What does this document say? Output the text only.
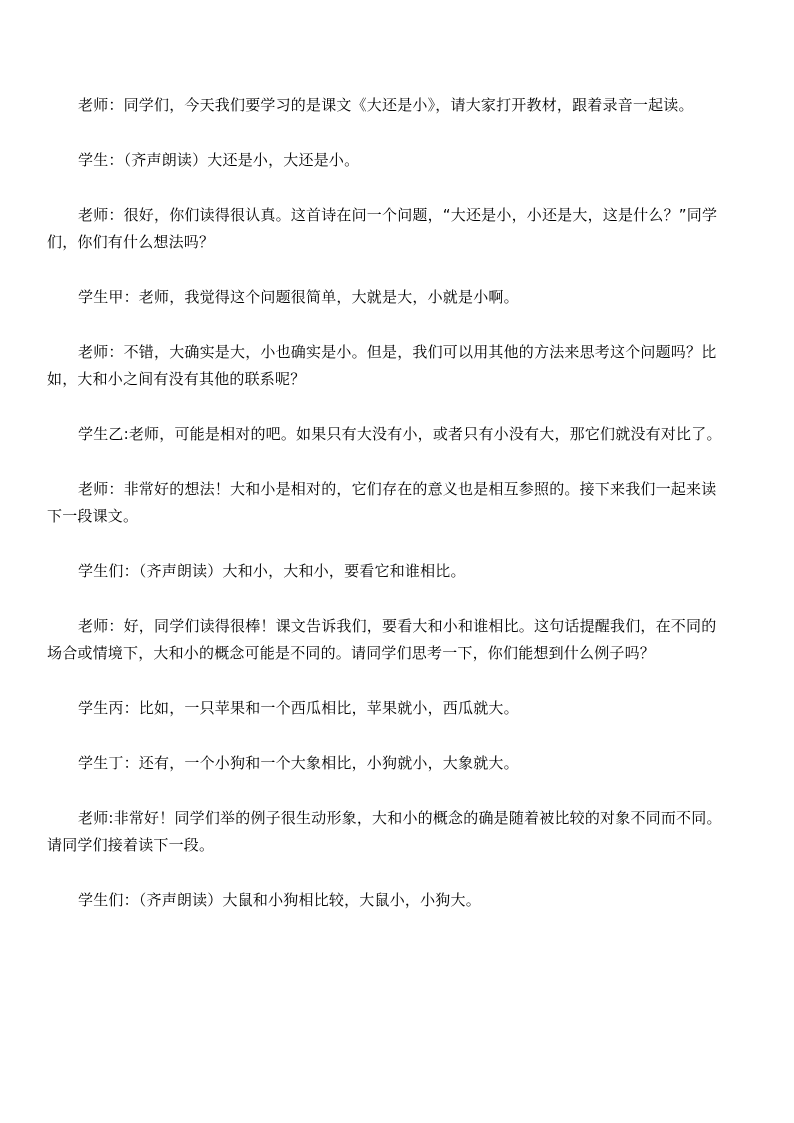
老师：同学们，今天我们要学习的是课文《大还是小》，请大家打开教材，跟着录音一起读。

学生：（齐声朗读）大还是小，大还是小。

老师：很好，你们读得很认真。这首诗在问一个问题，“大还是小，小还是大，这是什么？”同学
们，你们有什么想法吗？

学生甲：老师，我觉得这个问题很简单，大就是大，小就是小啊。

老师：不错，大确实是大，小也确实是小。但是，我们可以用其他的方法来思考这个问题吗？比
如，大和小之间有没有其他的联系呢？

学生乙:老师，可能是相对的吧。如果只有大没有小，或者只有小没有大，那它们就没有对比了。

老师：非常好的想法！大和小是相对的，它们存在的意义也是相互参照的。接下来我们一起来读
下一段课文。

学生们：（齐声朗读）大和小，大和小，要看它和谁相比。

老师：好，同学们读得很棒！课文告诉我们，要看大和小和谁相比。这句话提醒我们，在不同的
场合或情境下，大和小的概念可能是不同的。请同学们思考一下，你们能想到什么例子吗？

学生丙：比如，一只苹果和一个西瓜相比，苹果就小，西瓜就大。

学生丁：还有，一个小狗和一个大象相比，小狗就小，大象就大。

老师:非常好！同学们举的例子很生动形象，大和小的概念的确是随着被比较的对象不同而不同。
请同学们接着读下一段。

学生们：（齐声朗读）大鼠和小狗相比较，大鼠小，小狗大。
